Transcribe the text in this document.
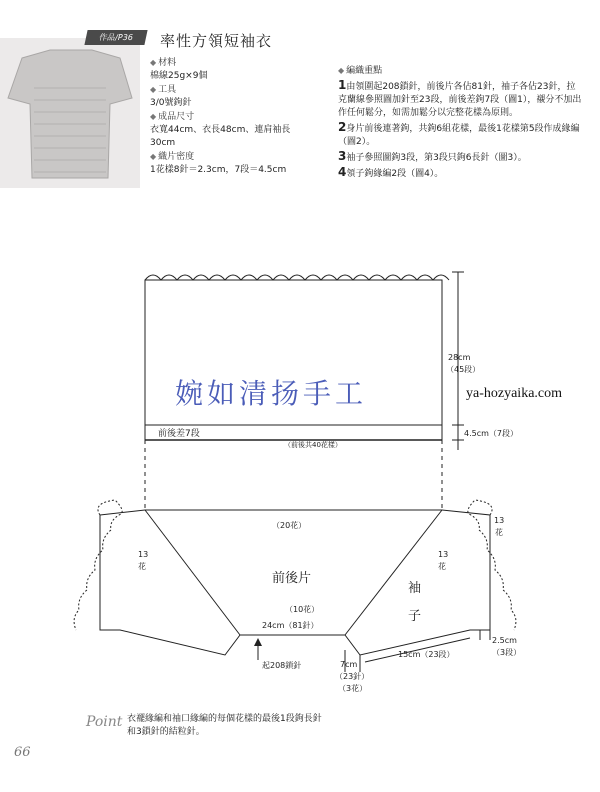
作品/P36	率性方領短袖衣
◆ 材料
棉線25g×9個
◆ 工具
3/0號鉤針
◆ 成品尺寸
衣寬44cm、衣長48cm、連肩袖長
30cm
◆ 織片密度
1花樣8針＝2.3cm，7段＝4.5cm
◆ 編織重點
1由領圍起208鎖針，前後片各佔81針，袖子各佔23針，拉克蘭線參照圖加針至23段，前後差鉤7段（圖1），襯分不加出作任何鬆分，如需加鬆分以完整花樣為原則。
2身片前後連著鉤，共鉤6組花樣，最後1花樣第5段作成緣編（圖2）。
3袖子參照圖鉤3段，第3段只鉤6長針（圖3）。
4領子鉤緣編2段（圖4）。
（前後共40花樣）
前後差7段
28cm
（45段）
4.5cm（7段）
（20花）
前後片
（10花）
24cm（81針）
起208鎖針
袖
子
15cm（23段）
13
花
13
花
13
花
7cm
（23針）
（3花）
2.5cm
（3段）
婉如清扬手工	ya-hozyaika.com
Point 衣襬緣編和袖口緣編的每個花樣的最後1段鉤長針和3鎖針的結粒針。
66
